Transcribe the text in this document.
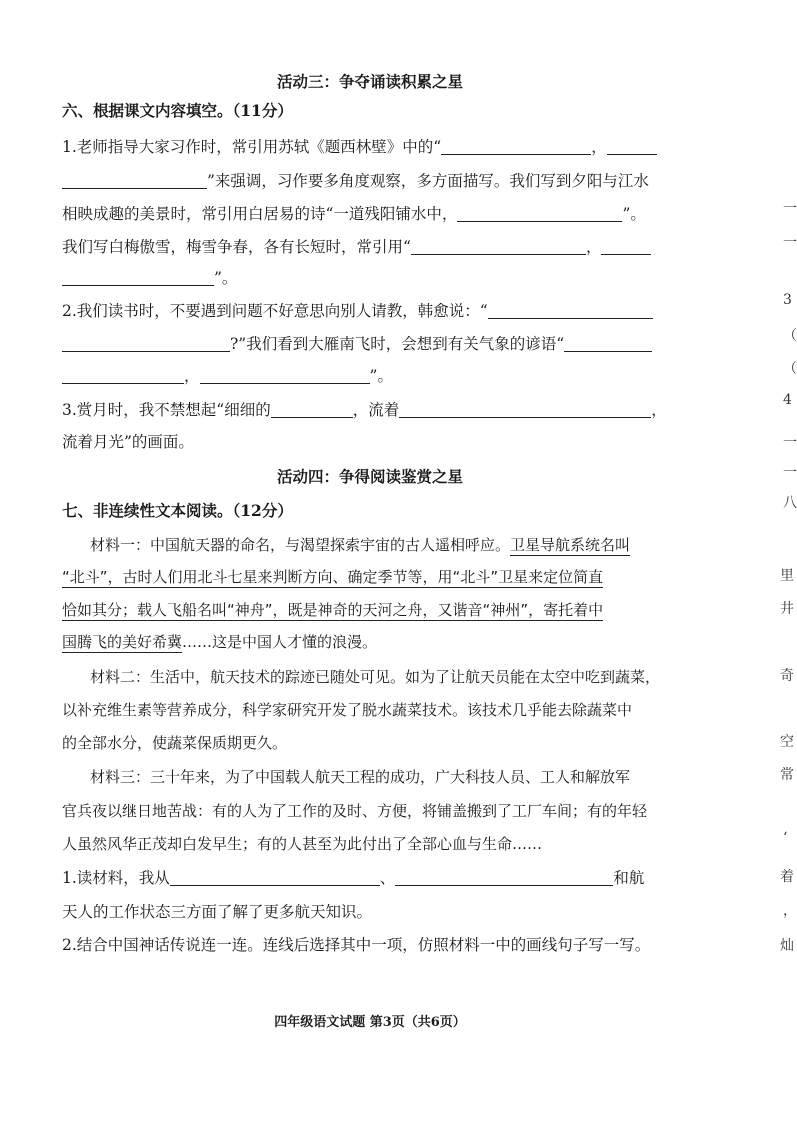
活动三：争夺诵读积累之星
六、根据课文内容填空。（11分）
1.老师指导大家习作时，常引用苏轼《题西林壁》中的“	，
”来强调，习作要多角度观察，多方面描写。我们写到夕阳与江水
相映成趣的美景时，常引用白居易的诗“一道残阳铺水中，	”。
我们写白梅傲雪，梅雪争春，各有长短时，常引用“	，
”。
2.我们读书时，不要遇到问题不好意思向别人请教，韩愈说：“
?”我们看到大雁南飞时，会想到有关气象的谚语“
，	”。
3.赏月时，我不禁想起“细细的	，流着	，
流着月光”的画面。
活动四：争得阅读鉴赏之星
七、非连续性文本阅读。（12分）
材料一：中国航天器的命名，与渴望探索宇宙的古人遥相呼应。卫星导航系统名叫
“北斗”，古时人们用北斗七星来判断方向、确定季节等，用“北斗”卫星来定位简直
恰如其分；载人飞船名叫“神舟”，既是神奇的天河之舟，又谐音“神州”，寄托着中
国腾飞的美好希冀……这是中国人才懂的浪漫。
材料二：生活中，航天技术的踪迹已随处可见。如为了让航天员能在太空中吃到蔬菜，
以补充维生素等营养成分，科学家研究开发了脱水蔬菜技术。该技术几乎能去除蔬菜中
的全部水分，使蔬菜保质期更久。
材料三：三十年来，为了中国载人航天工程的成功，广大科技人员、工人和解放军
官兵夜以继日地苦战：有的人为了工作的及时、方便，将铺盖搬到了工厂车间；有的年轻
人虽然风华正茂却白发早生；有的人甚至为此付出了全部心血与生命……
1.读材料，我从	、	和航
天人的工作状态三方面了解了更多航天知识。
2.结合中国神话传说连一连。连线后选择其中一项，仿照材料一中的画线句子写一写。
四年级语文试题 第3页（共6页）
一
一
3
（
（
4
一
一
八
里
井
奇
空
常
‘
着
，
灿
